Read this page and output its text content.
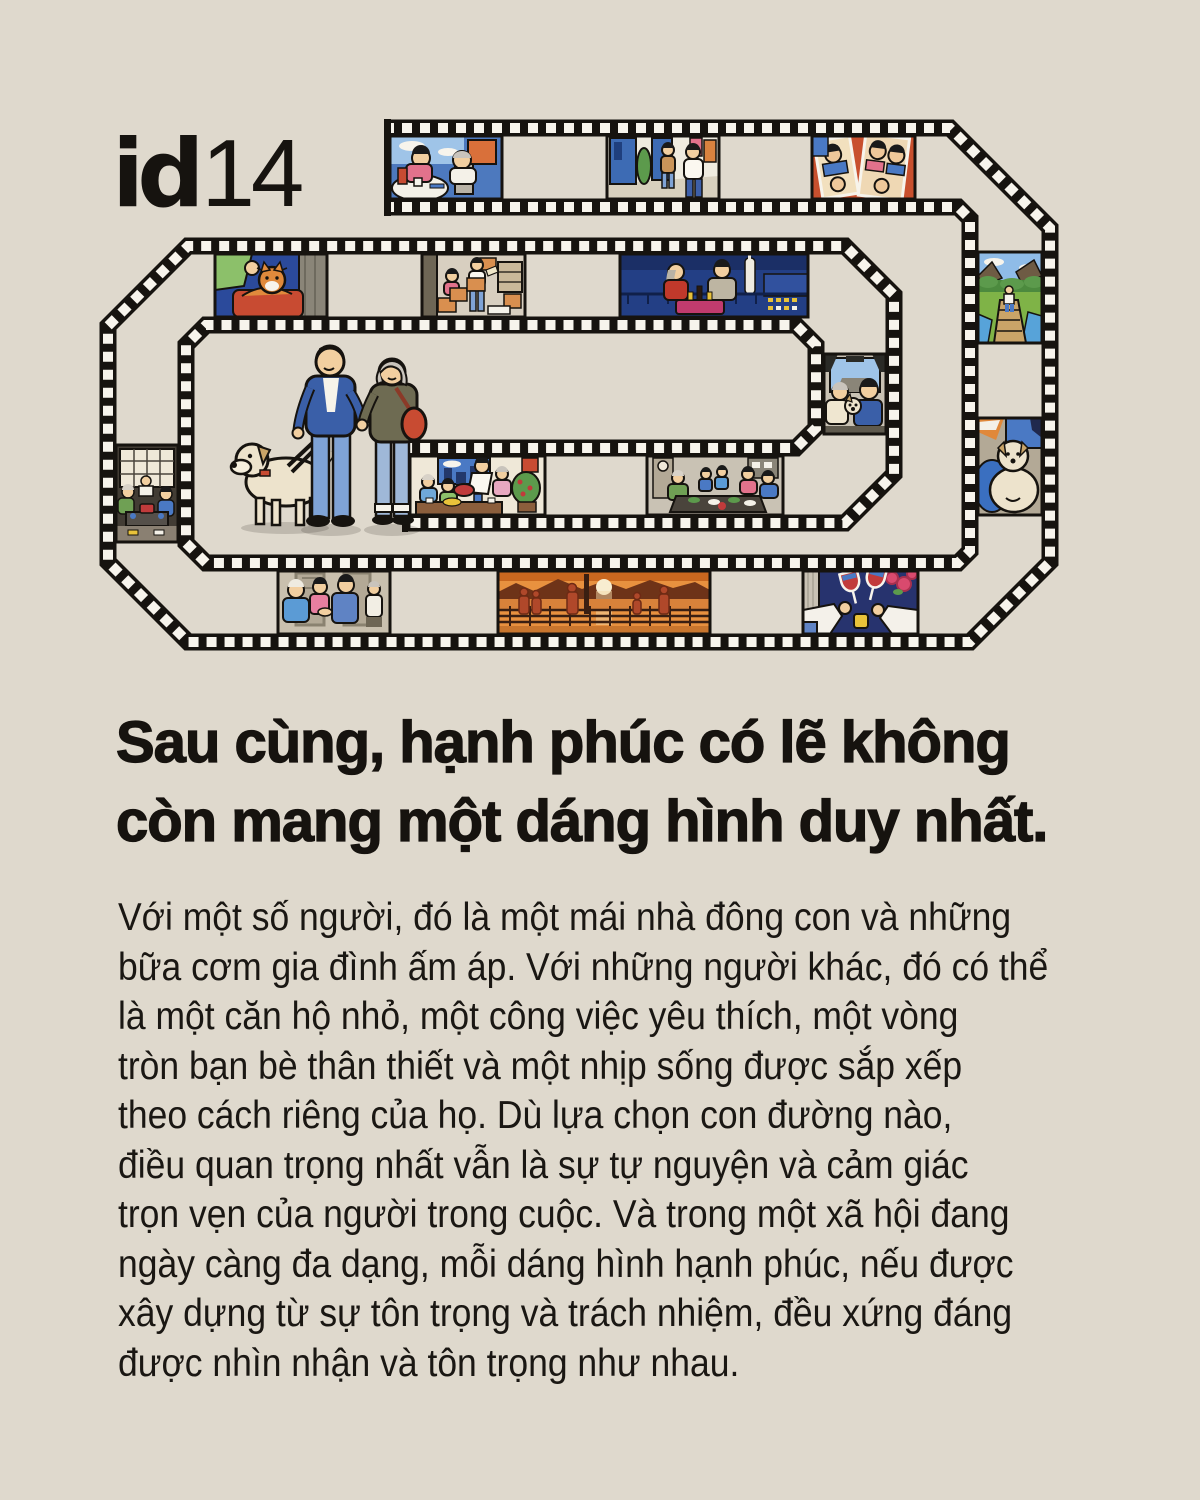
id 14
Sau cùng, hạnh phúc có lẽ không
còn mang một dáng hình duy nhất.
Với một số người, đó là một mái nhà đông con và những
bữa cơm gia đình ấm áp. Với những người khác, đó có thể
là một căn hộ nhỏ, một công việc yêu thích, một vòng
tròn bạn bè thân thiết và một nhịp sống được sắp xếp
theo cách riêng của họ. Dù lựa chọn con đường nào,
điều quan trọng nhất vẫn là sự tự nguyện và cảm giác
trọn vẹn của người trong cuộc. Và trong một xã hội đang
ngày càng đa dạng, mỗi dáng hình hạnh phúc, nếu được
xây dựng từ sự tôn trọng và trách nhiệm, đều xứng đáng
được nhìn nhận và tôn trọng như nhau.
